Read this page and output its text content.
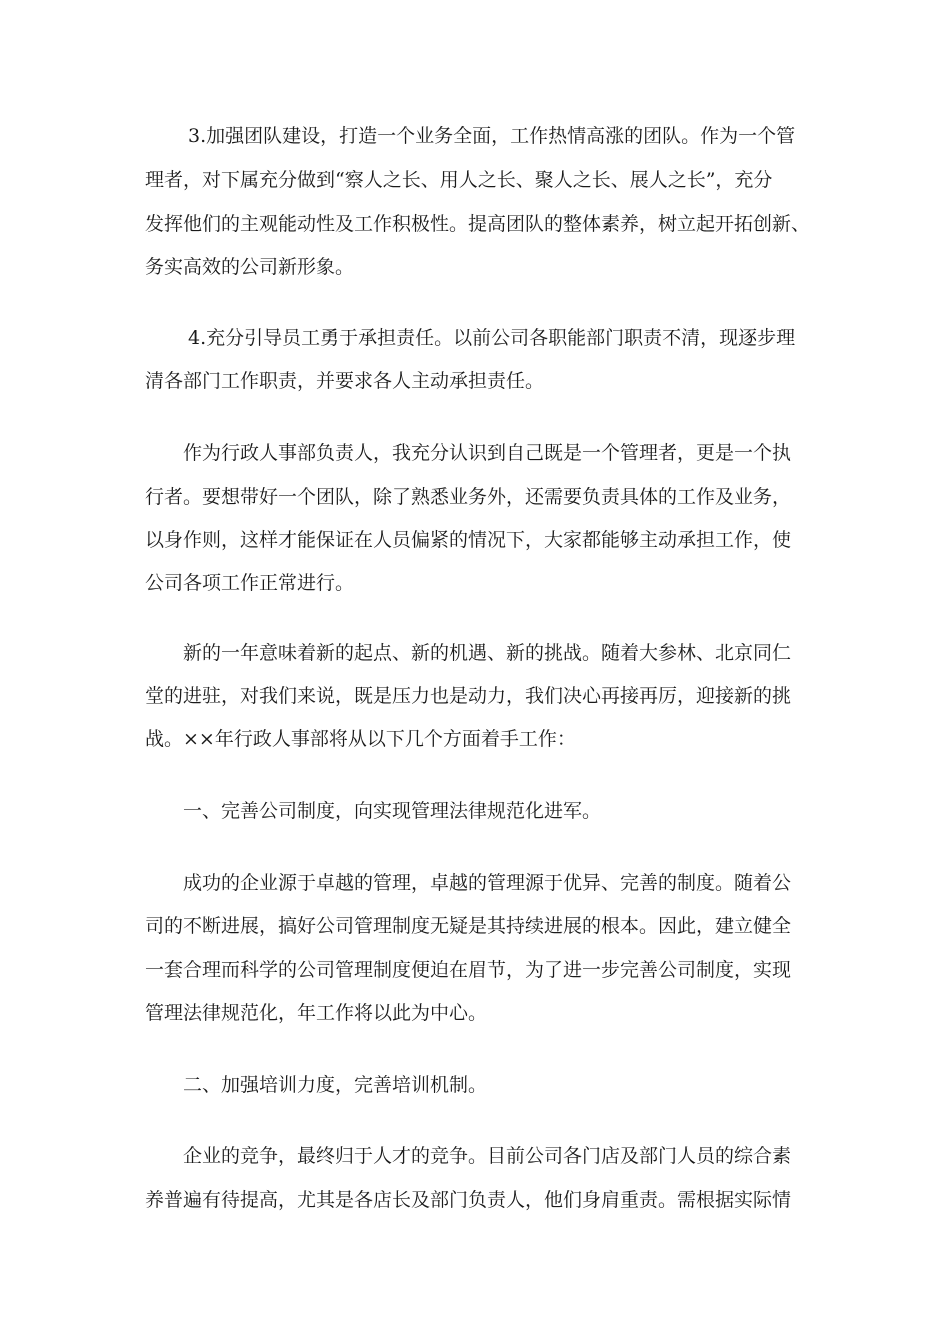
3.加强团队建设，打造一个业务全面，工作热情高涨的团队。作为一个管

理者，对下属充分做到“察人之长、用人之长、聚人之长、展人之长”，充分

发挥他们的主观能动性及工作积极性。提高团队的整体素养，树立起开拓创新、

务实高效的公司新形象。

4.充分引导员工勇于承担责任。以前公司各职能部门职责不清，现逐步理

清各部门工作职责，并要求各人主动承担责任。

作为行政人事部负责人，我充分认识到自己既是一个管理者，更是一个执

行者。要想带好一个团队，除了熟悉业务外，还需要负责具体的工作及业务，

以身作则，这样才能保证在人员偏紧的情况下，大家都能够主动承担工作，使

公司各项工作正常进行。

新的一年意味着新的起点、新的机遇、新的挑战。随着大参林、北京同仁

堂的进驻，对我们来说，既是压力也是动力，我们决心再接再厉，迎接新的挑

战。××年行政人事部将从以下几个方面着手工作：

一、完善公司制度，向实现管理法律规范化进军。

成功的企业源于卓越的管理，卓越的管理源于优异、完善的制度。随着公

司的不断进展，搞好公司管理制度无疑是其持续进展的根本。因此，建立健全

一套合理而科学的公司管理制度便迫在眉节，为了进一步完善公司制度，实现

管理法律规范化，年工作将以此为中心。

二、加强培训力度，完善培训机制。

企业的竞争，最终归于人才的竞争。目前公司各门店及部门人员的综合素

养普遍有待提高，尤其是各店长及部门负责人，他们身肩重责。需根据实际情
